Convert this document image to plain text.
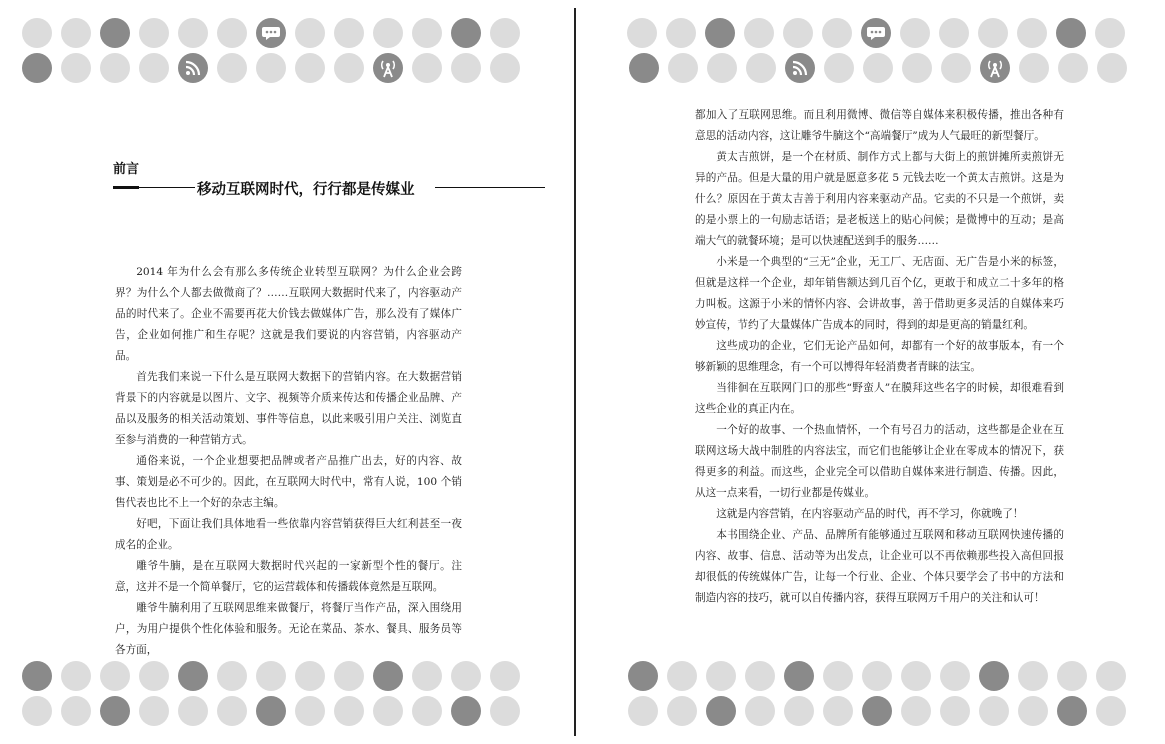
前言
移动互联网时代，行行都是传媒业

2014 年为什么会有那么多传统企业转型互联网？为什么企业会跨界？为什么个人都去做微商了？……互联网大数据时代来了，内容驱动产品的时代来了。企业不需要再花大价钱去做媒体广告，那么没有了媒体广告，企业如何推广和生存呢？这就是我们要说的内容营销，内容驱动产品。

首先我们来说一下什么是互联网大数据下的营销内容。在大数据营销背景下的内容就是以图片、文字、视频等介质来传达和传播企业品牌、产品以及服务的相关活动策划、事件等信息，以此来吸引用户关注、浏览直至参与消费的一种营销方式。

通俗来说，一个企业想要把品牌或者产品推广出去，好的内容、故事、策划是必不可少的。因此，在互联网大时代中，常有人说，100 个销售代表也比不上一个好的杂志主编。

好吧，下面让我们具体地看一些依靠内容营销获得巨大红利甚至一夜成名的企业。

雕爷牛腩，是在互联网大数据时代兴起的一家新型个性的餐厅。注意，这并不是一个简单餐厅，它的运营载体和传播载体竟然是互联网。

雕爷牛腩利用了互联网思维来做餐厅，将餐厅当作产品，深入围绕用户，为用户提供个性化体验和服务。无论在菜品、茶水、餐具、服务员等各方面，

都加入了互联网思维。而且利用微博、微信等自媒体来积极传播，推出各种有意思的活动内容，这让雕爷牛腩这个“高端餐厅”成为人气最旺的新型餐厅。

黄太吉煎饼，是一个在材质、制作方式上都与大街上的煎饼摊所卖煎饼无异的产品。但是大量的用户就是愿意多花 5 元钱去吃一个黄太吉煎饼。这是为什么？原因在于黄太吉善于利用内容来驱动产品。它卖的不只是一个煎饼，卖的是小票上的一句励志话语；是老板送上的贴心问候；是微博中的互动；是高端大气的就餐环境；是可以快速配送到手的服务……

小米是一个典型的“三无”企业，无工厂、无店面、无广告是小米的标签，但就是这样一个企业，却年销售额达到几百个亿，更敢于和成立二十多年的格力叫板。这源于小米的情怀内容、会讲故事，善于借助更多灵活的自媒体来巧妙宣传，节约了大量媒体广告成本的同时，得到的却是更高的销量红利。

这些成功的企业，它们无论产品如何，却都有一个好的故事版本，有一个够新颖的思维理念，有一个可以博得年轻消费者青睐的法宝。

当徘徊在互联网门口的那些“野蛮人”在膜拜这些名字的时候，却很难看到这些企业的真正内在。

一个好的故事、一个热血情怀，一个有号召力的活动，这些都是企业在互联网这场大战中制胜的内容法宝，而它们也能够让企业在零成本的情况下，获得更多的利益。而这些，企业完全可以借助自媒体来进行制造、传播。因此，从这一点来看，一切行业都是传媒业。

这就是内容营销，在内容驱动产品的时代，再不学习，你就晚了！

本书围绕企业、产品、品牌所有能够通过互联网和移动互联网快速传播的内容、故事、信息、活动等为出发点，让企业可以不再依赖那些投入高但回报却很低的传统媒体广告，让每一个行业、企业、个体只要学会了书中的方法和制造内容的技巧，就可以自传播内容，获得互联网万千用户的关注和认可！
